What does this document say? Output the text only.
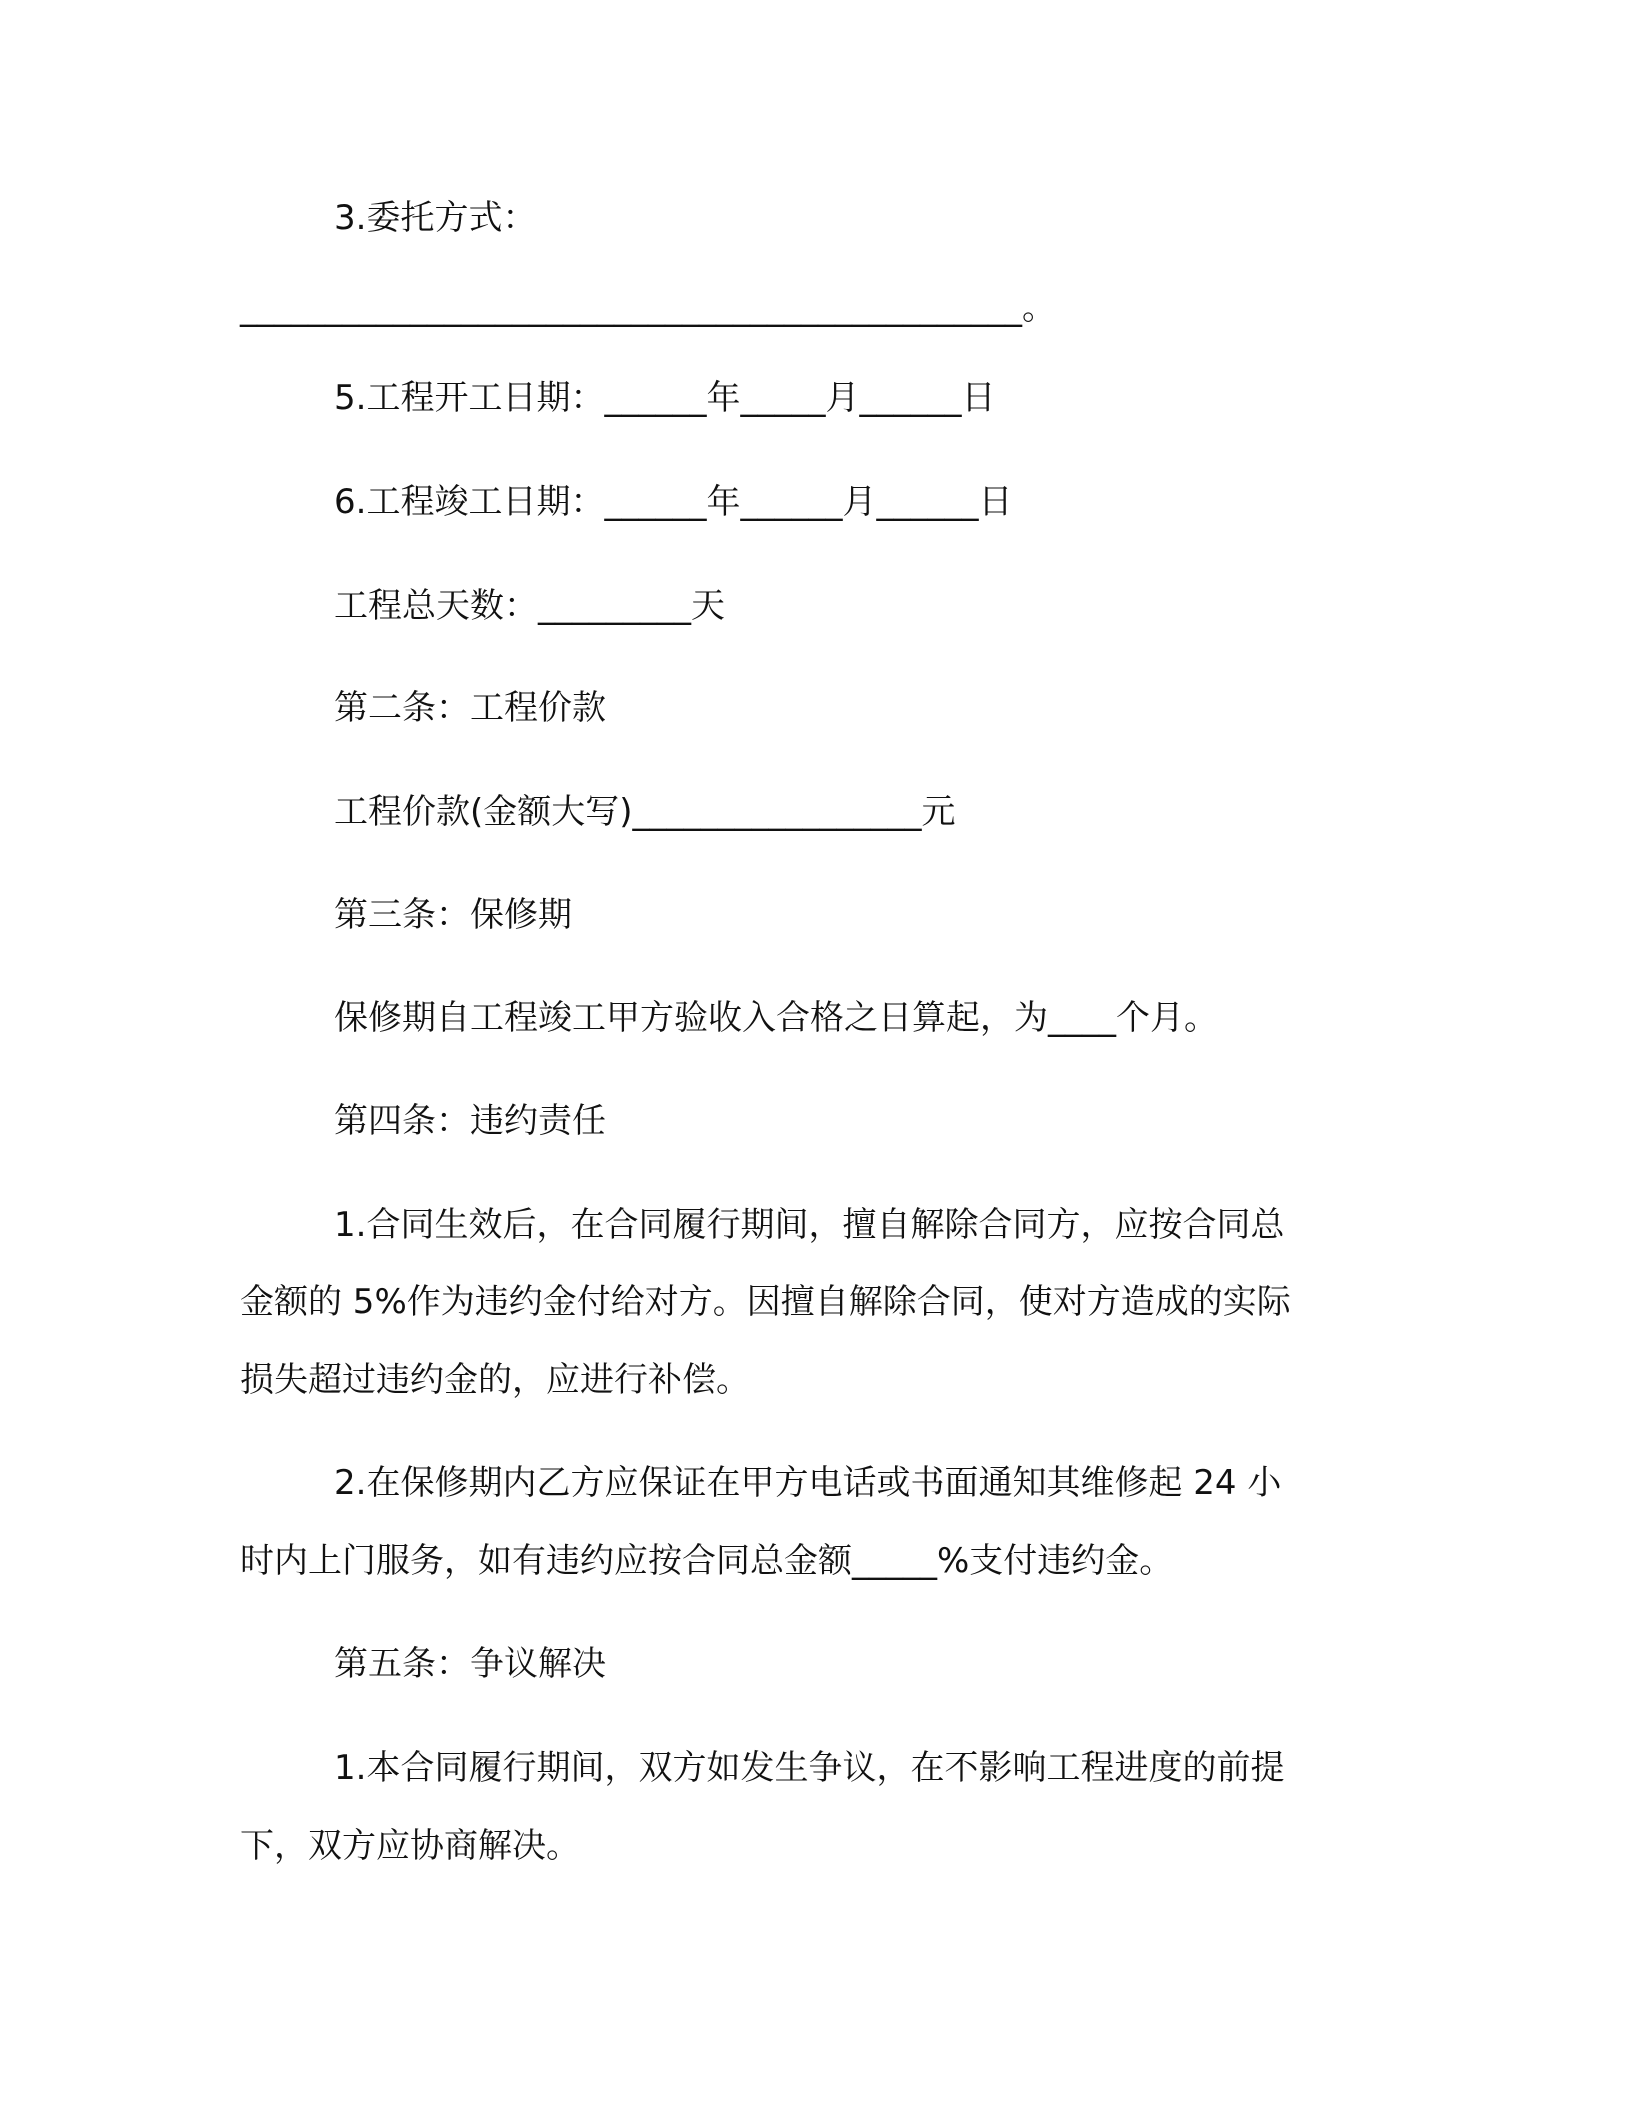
3.委托方式：
______________________________________________。
5.工程开工日期：______年_____月______日
6.工程竣工日期：______年______月______日
工程总天数：_________天
第二条：工程价款
工程价款(金额大写)_________________元
第三条：保修期
保修期自工程竣工甲方验收入合格之日算起，为____个月。
第四条：违约责任
1.合同生效后，在合同履行期间，擅自解除合同方，应按合同总
金额的 5%作为违约金付给对方。因擅自解除合同，使对方造成的实际
损失超过违约金的，应进行补偿。
2.在保修期内乙方应保证在甲方电话或书面通知其维修起 24 小
时内上门服务，如有违约应按合同总金额_____%支付违约金。
第五条：争议解决
1.本合同履行期间，双方如发生争议，在不影响工程进度的前提
下，双方应协商解决。
